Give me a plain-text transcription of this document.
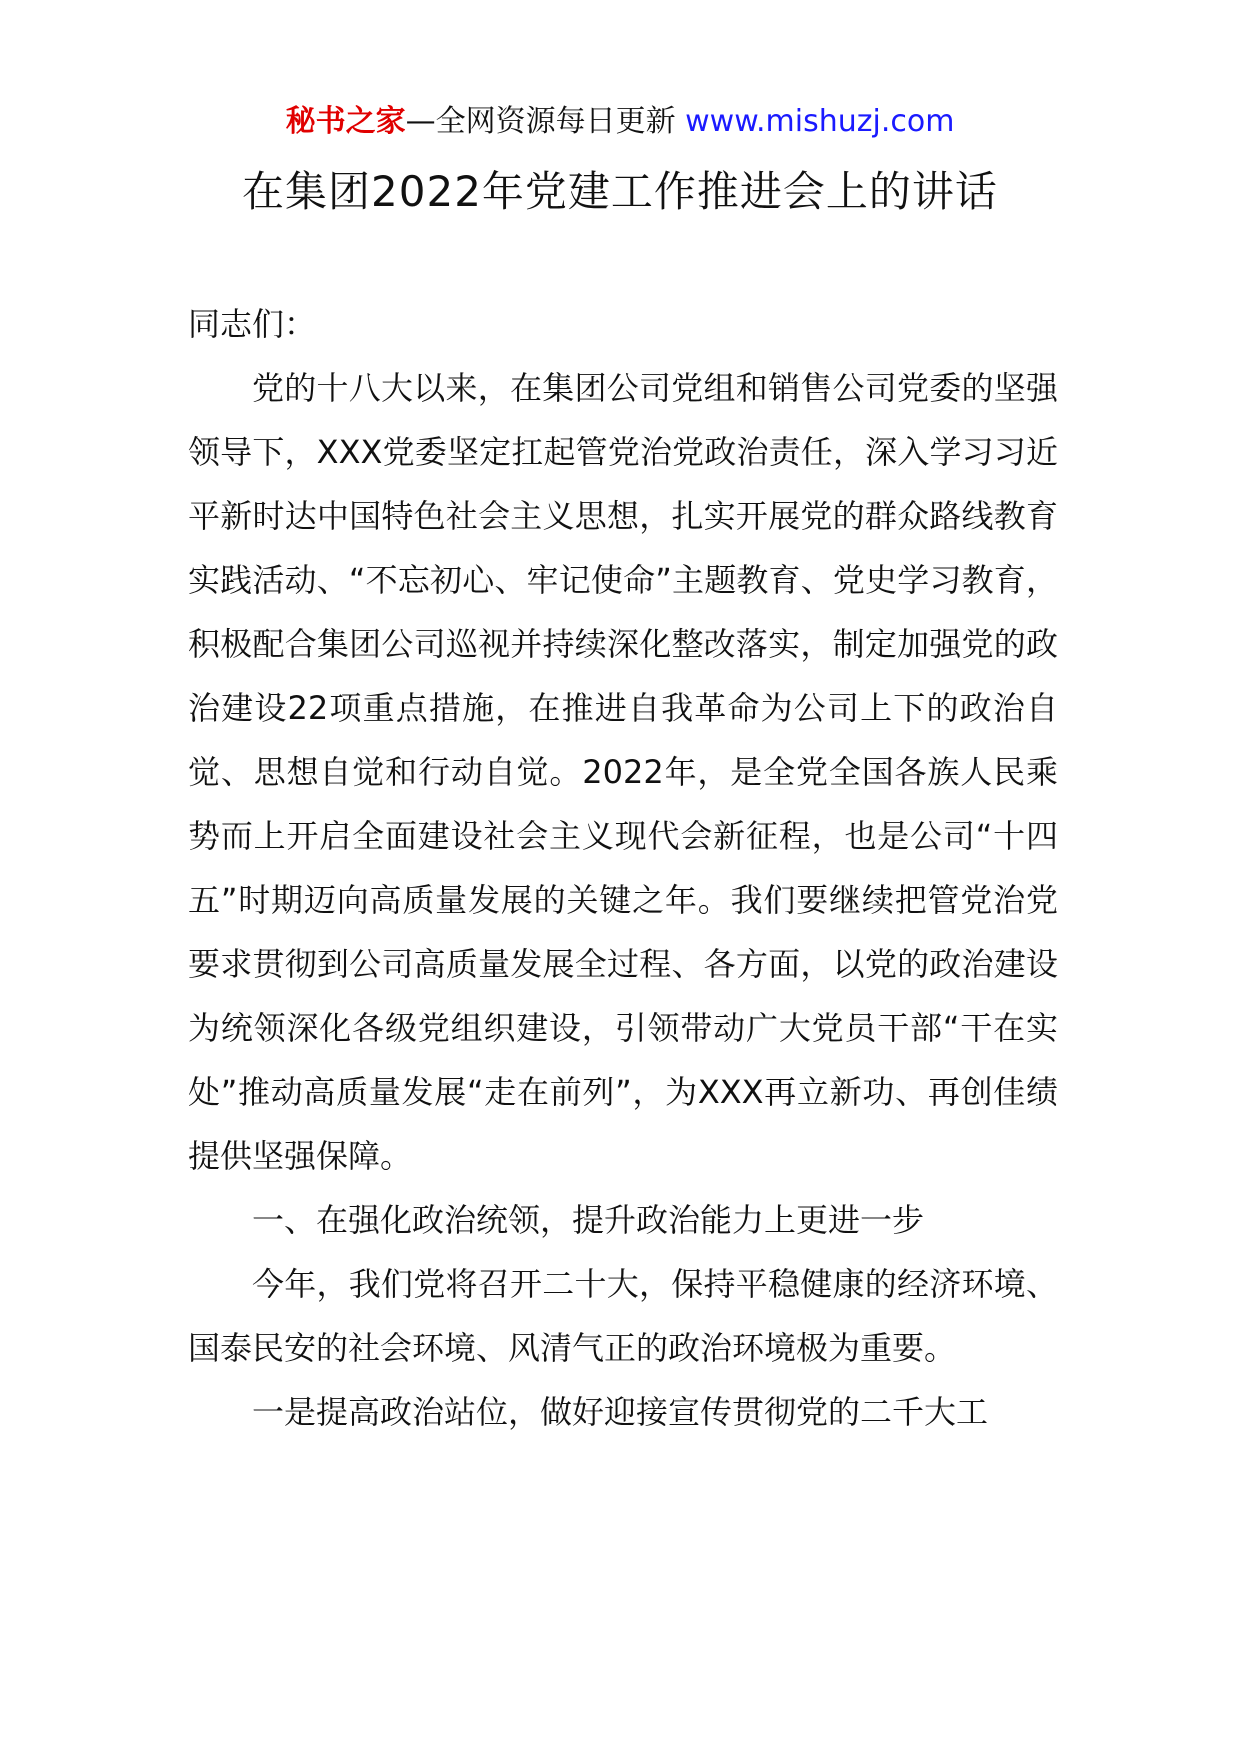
秘书之家—全网资源每日更新 www.mishuzj.com
在集团2022年党建工作推进会上的讲话

同志们：

党的十八大以来，在集团公司党组和销售公司党委的坚强领导下，XXX党委坚定扛起管党治党政治责任，深入学习习近平新时达中国特色社会主义思想，扎实开展党的群众路线教育实践活动、“不忘初心、牢记使命”主题教育、党史学习教育，积极配合集团公司巡视并持续深化整改落实，制定加强党的政治建设22项重点措施，在推进自我革命为公司上下的政治自觉、思想自觉和行动自觉。2022年，是全党全国各族人民乘势而上开启全面建设社会主义现代会新征程，也是公司“十四五”时期迈向高质量发展的关键之年。我们要继续把管党治党要求贯彻到公司高质量发展全过程、各方面，以党的政治建设为统领深化各级党组织建设，引领带动广大党员干部“干在实处”推动高质量发展“走在前列”，为XXX再立新功、再创佳绩提供坚强保障。

一、在强化政治统领，提升政治能力上更进一步

今年，我们党将召开二十大，保持平稳健康的经济环境、国泰民安的社会环境、风清气正的政治环境极为重要。

一是提高政治站位，做好迎接宣传贯彻党的二千大工
